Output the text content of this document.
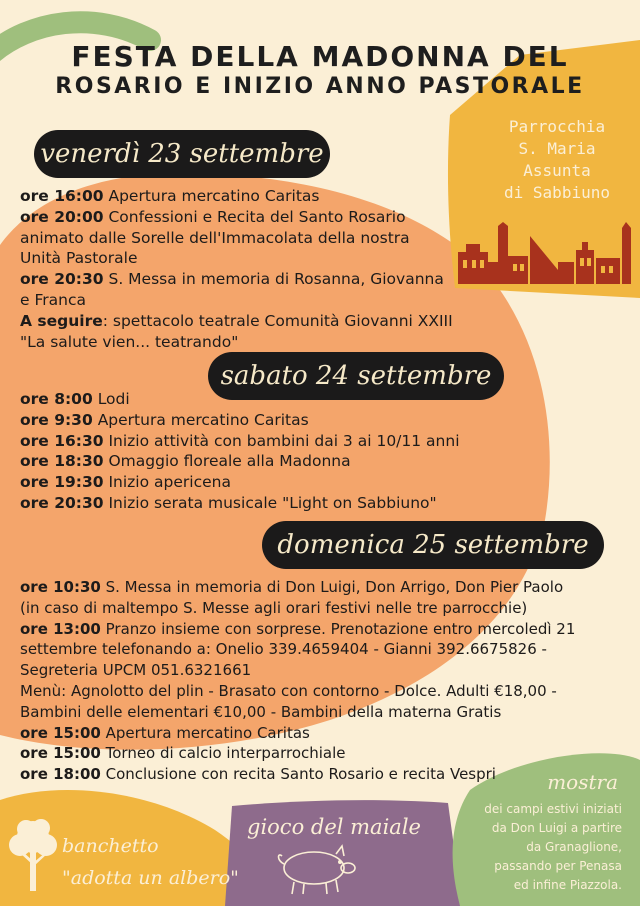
FESTA DELLA MADONNA DEL
ROSARIO E INIZIO ANNO PASTORALE
Parrocchia
S. Maria
Assunta
di Sabbiuno
venerdì 23 settembre
ore 16:00 Apertura mercatino Caritas
ore 20:00 Confessioni e Recita del Santo Rosario
animato dalle Sorelle dell'Immacolata della nostra
Unità Pastorale
ore 20:30 S. Messa in memoria di Rosanna, Giovanna
e Franca
A seguire: spettacolo teatrale Comunità Giovanni XXIII
"La salute vien... teatrando"
sabato 24 settembre
ore 8:00 Lodi
ore 9:30 Apertura mercatino Caritas
ore 16:30 Inizio attività con bambini dai 3 ai 10/11 anni
ore 18:30 Omaggio floreale alla Madonna
ore 19:30 Inizio apericena
ore 20:30 Inizio serata musicale "Light on Sabbiuno"
domenica 25 settembre
ore 10:30 S. Messa in memoria di Don Luigi, Don Arrigo, Don Pier Paolo
(in caso di maltempo S. Messe agli orari festivi nelle tre parrocchie)
ore 13:00 Pranzo insieme con sorprese. Prenotazione entro mercoledì 21
settembre telefonando a: Onelio 339.4659404 - Gianni 392.6675826 -
Segreteria UPCM 051.6321661
Menù: Agnolotto del plin - Brasato con contorno - Dolce. Adulti €18,00 -
Bambini delle elementari €10,00 - Bambini della materna Gratis
ore 15:00 Apertura mercatino Caritas
ore 15:00 Torneo di calcio interparrochiale
ore 18:00 Conclusione con recita Santo Rosario e recita Vespri	mostra
dei campi estivi iniziati
da Don Luigi a partire
da Granaglione,
passando per Penasa
ed infine Piazzola.
gioco del maiale
banchetto
"adotta un albero"
